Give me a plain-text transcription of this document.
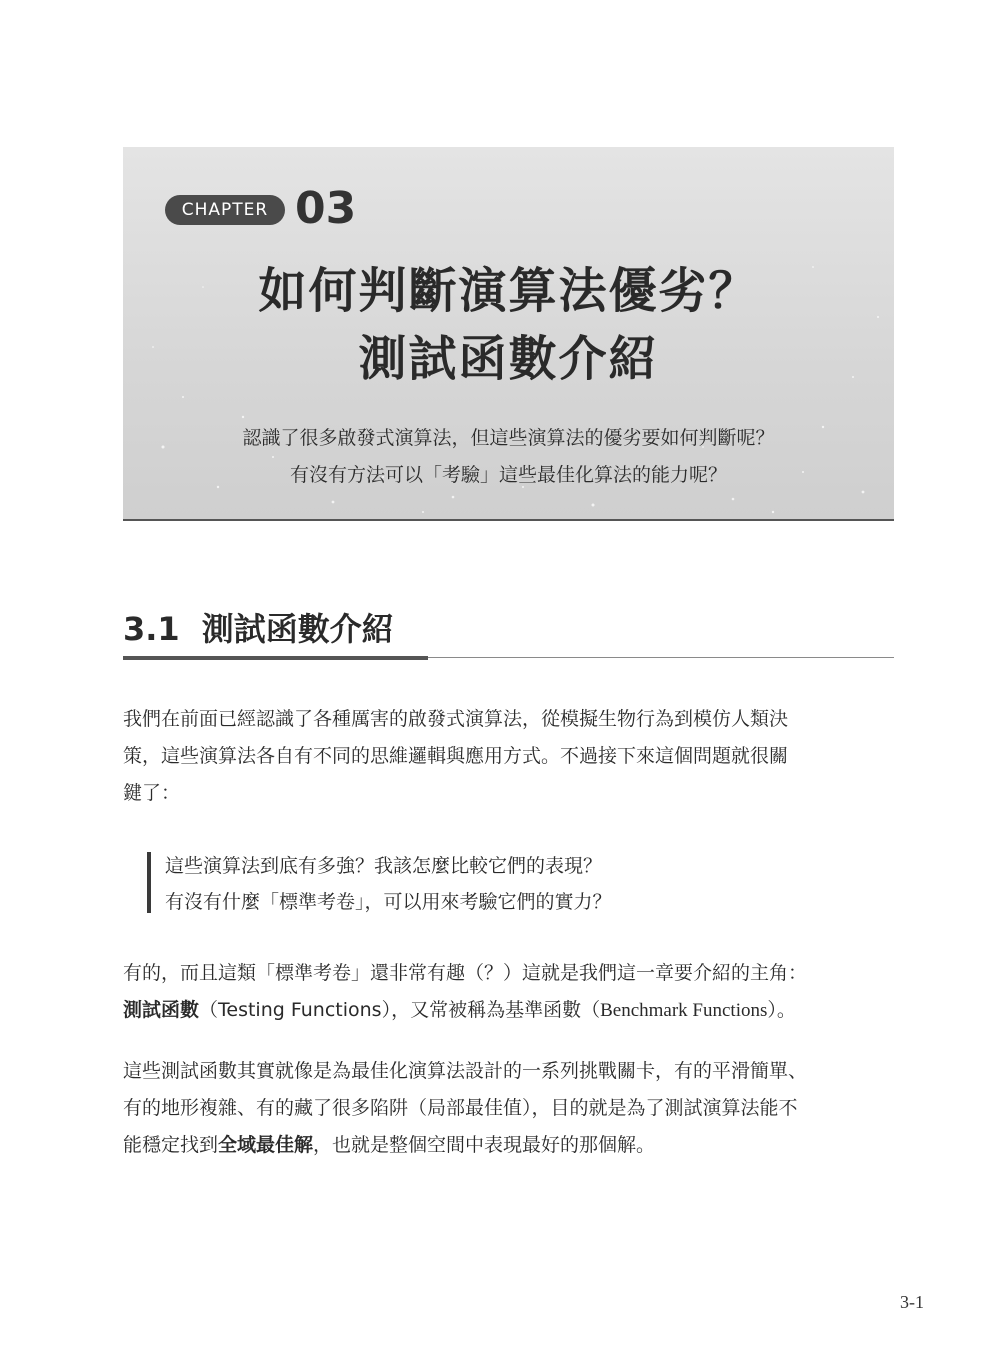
CHAPTER 03
如何判斷演算法優劣？
測試函數介紹
認識了很多啟發式演算法，但這些演算法的優劣要如何判斷呢？
有沒有方法可以「考驗」這些最佳化算法的能力呢？
3.1 測試函數介紹

我們在前面已經認識了各種厲害的啟發式演算法，從模擬生物行為到模仿人類決
策，這些演算法各自有不同的思維邏輯與應用方式。不過接下來這個問題就很關
鍵了：

這些演算法到底有多強？我該怎麼比較它們的表現？
有沒有什麼「標準考卷」，可以用來考驗它們的實力？

有的，而且這類「標準考卷」還非常有趣（？）這就是我們這一章要介紹的主角：
測試函數（Testing Functions），又常被稱為基準函數（Benchmark Functions）。

這些測試函數其實就像是為最佳化演算法設計的一系列挑戰關卡，有的平滑簡單、
有的地形複雜、有的藏了很多陷阱（局部最佳值），目的就是為了測試演算法能不
能穩定找到全域最佳解，也就是整個空間中表現最好的那個解。

3-1
